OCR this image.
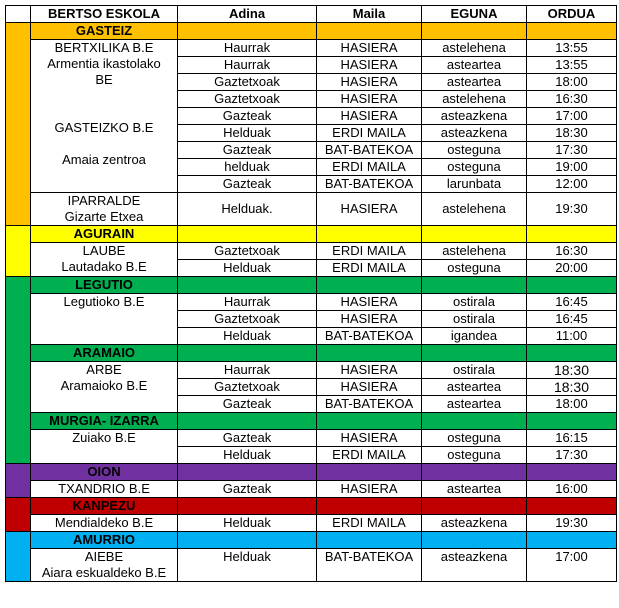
	BERTSO ESKOLA	Adina	Maila	EGUNA	ORDUA
	GASTEIZ				

	BERTXILIKA B.E
Armentia ikastolako
BE

GASTEIZKO B.E

Amaia zentroa	Haurrak	HASIERA	astelehena	13:55
		Haurrak	HASIERA	asteartea	13:55
		Gaztetxoak	HASIERA	asteartea	18:00
		Gaztetxoak	HASIERA	astelehena	16:30
		Gazteak	HASIERA	asteazkena	17:00
		Helduak	ERDI MAILA	asteazkena	18:30
		Gazteak	BAT-BATEKOA	osteguna	17:30
		helduak	ERDI MAILA	osteguna	19:00
		Gazteak	BAT-BATEKOA	larunbata	12:00

	IPARRALDE
Gizarte Etxea	Helduak.	HASIERA	astelehena	19:30
	AGURAIN				

	LAUBE
Lautadako B.E	Gaztetxoak	ERDI MAILA	astelehena	16:30
		Helduak	ERDI MAILA	osteguna	20:00
	LEGUTIO				

	Legutioko B.E	Haurrak	HASIERA	ostirala	16:45
		Gaztetxoak	HASIERA	ostirala	16:45
		Helduak	BAT-BATEKOA	igandea	11:00
	ARAMAIO				

	ARBE
Aramaioko B.E	Haurrak	HASIERA	ostirala	18:30
		Gaztetxoak	HASIERA	asteartea	18:30
		Gazteak	BAT-BATEKOA	asteartea	18:00
	MURGIA- IZARRA				

	Zuiako B.E	Gazteak	HASIERA	osteguna	16:15
		Helduak	ERDI MAILA	osteguna	17:30
	OION				

	TXANDRIO B.E	Gazteak	HASIERA	asteartea	16:00
	KANPEZU				

	Mendialdeko B.E	Helduak	ERDI MAILA	asteazkena	19:30
	AMURRIO				

	AIEBE
Aiara eskualdeko B.E	Helduak	BAT-BATEKOA	asteazkena	17:00
